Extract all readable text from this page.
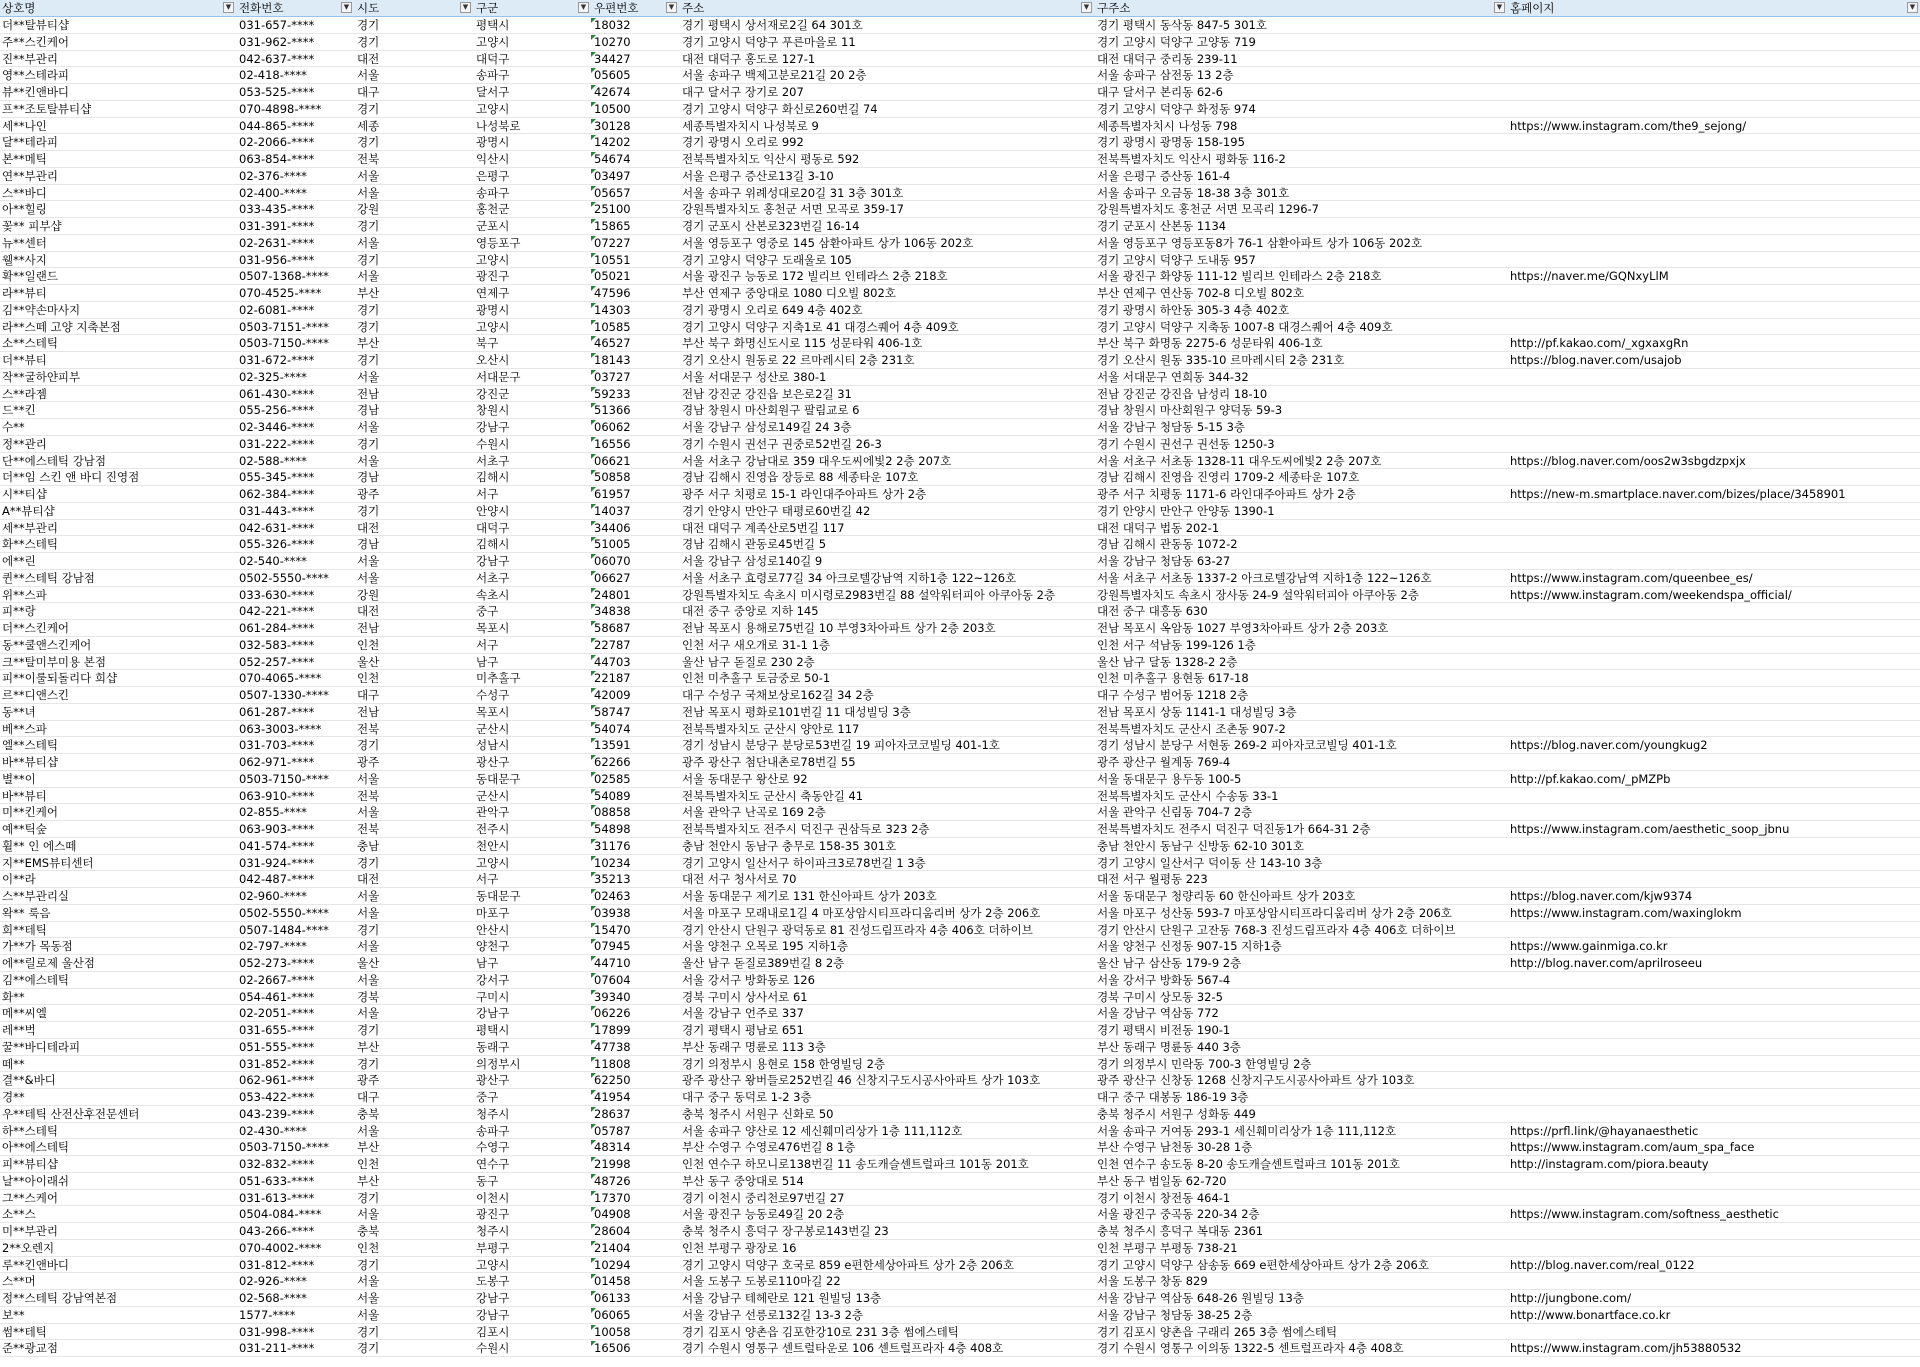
상호명	▼ 전화번호	▼ 시도	▼ 구군	▼ 우편번호	▼ 주소	▼ 구주소	▼ 홈페이지	▼
더**탈뷰티샵	031-657-****	경기	평택시	18032	경기 평택시 상서재로2길 64 301호	경기 평택시 동삭동 847-5 301호
주**스킨케어	031-962-****	경기	고양시	10270	경기 고양시 덕양구 푸른마을로 11	경기 고양시 덕양구 고양동 719
진**부관리	042-637-****	대전	대덕구	34427	대전 대덕구 홍도로 127-1	대전 대덕구 중리동 239-11
영**스테라피	02-418-****	서울	송파구	05605	서울 송파구 백제고분로21길 20 2층	서울 송파구 삼전동 13 2층
뷰**킨앤바디	053-525-****	대구	달서구	42674	대구 달서구 장기로 207	대구 달서구 본리동 62-6
프**조토탈뷰티샵	070-4898-****	경기	고양시	10500	경기 고양시 덕양구 화신로260번길 74	경기 고양시 덕양구 화정동 974
세**나인	044-865-****	세종	나성북로	30128	세종특별자치시 나성북로 9	세종특별자치시 나성동 798	https://www.instagram.com/the9_sejong/
달**테라피	02-2066-****	경기	광명시	14202	경기 광명시 오리로 992	경기 광명시 광명동 158-195
본**메틱	063-854-****	전북	익산시	54674	전북특별자치도 익산시 평동로 592	전북특별자치도 익산시 평화동 116-2
연**부관리	02-376-****	서울	은평구	03497	서울 은평구 증산로13길 3-10	서울 은평구 증산동 161-4
스**바디	02-400-****	서울	송파구	05657	서울 송파구 위례성대로20길 31 3층 301호	서울 송파구 오금동 18-38 3층 301호
아**힐링	033-435-****	강원	홍천군	25100	강원특별자치도 홍천군 서면 모곡로 359-17	강원특별자치도 홍천군 서면 모곡리 1296-7
꽃** 피부샵	031-391-****	경기	군포시	15865	경기 군포시 산본로323번길 16-14	경기 군포시 산본동 1134
뉴**센터	02-2631-****	서울	영등포구	07227	서울 영등포구 영중로 145 삼환아파트 상가 106동 202호	서울 영등포구 영등포동8가 76-1 삼환아파트 상가 106동 202호
웰**사지	031-956-****	경기	고양시	10551	경기 고양시 덕양구 도래울로 105	경기 고양시 덕양구 도내동 957
확**일랜드	0507-1368-****	서울	광진구	05021	서울 광진구 능동로 172 빌리브 인테라스 2층 218호	서울 광진구 화양동 111-12 빌리브 인테라스 2층 218호	https://naver.me/GQNxyLlM
라**뷰티	070-4525-****	부산	연제구	47596	부산 연제구 중앙대로 1080 디오빌 802호	부산 연제구 연산동 702-8 디오빌 802호
김**약손마사지	02-6081-****	경기	광명시	14303	경기 광명시 오리로 649 4층 402호	경기 광명시 하안동 305-3 4층 402호
라**스떼 고양 지축본점	0503-7151-****	경기	고양시	10585	경기 고양시 덕양구 지축1로 41 대경스퀘어 4층 409호	경기 고양시 덕양구 지축동 1007-8 대경스퀘어 4층 409호
소**스테틱	0503-7150-****	부산	북구	46527	부산 북구 화명신도시로 115 성문타워 406-1호	부산 북구 화명동 2275-6 성문타워 406-1호	http://pf.kakao.com/_xgxaxgRn
더**뷰티	031-672-****	경기	오산시	18143	경기 오산시 원동로 22 르마레시티 2층 231호	경기 오산시 원동 335-10 르마레시티 2층 231호	https://blog.naver.com/usajob
작**굴하얀피부	02-325-****	서울	서대문구	03727	서울 서대문구 성산로 380-1	서울 서대문구 연희동 344-32
스**라젬	061-430-****	전남	강진군	59233	전남 강진군 강진읍 보은로2길 31	전남 강진군 강진읍 남성리 18-10
드**킨	055-256-****	경남	창원시	51366	경남 창원시 마산회원구 팔림교로 6	경남 창원시 마산회원구 양덕동 59-3
수**	02-3446-****	서울	강남구	06062	서울 강남구 삼성로149길 24 3층	서울 강남구 청담동 5-15 3층
정**관리	031-222-****	경기	수원시	16556	경기 수원시 권선구 권중로52번길 26-3	경기 수원시 권선구 권선동 1250-3
단**에스테틱 강남점	02-588-****	서울	서초구	06621	서울 서초구 강남대로 359 대우도씨에빛2 2층 207호	서울 서초구 서초동 1328-11 대우도씨에빛2 2층 207호	https://blog.naver.com/oos2w3sbgdzpxjx
더**임 스킨 앤 바디 진영점	055-345-****	경남	김해시	50858	경남 김해시 진영읍 장등로 88 세종타운 107호	경남 김해시 진영읍 진영리 1709-2 세종타운 107호
시**티샵	062-384-****	광주	서구	61957	광주 서구 치평로 15-1 라인대주아파트 상가 2층	광주 서구 치평동 1171-6 라인대주아파트 상가 2층	https://new-m.smartplace.naver.com/bizes/place/3458901
A**뷰티샵	031-443-****	경기	안양시	14037	경기 안양시 만안구 태평로60번길 42	경기 안양시 만안구 안양동 1390-1
세**부관리	042-631-****	대전	대덕구	34406	대전 대덕구 계족산로5번길 117	대전 대덕구 법동 202-1
화**스테틱	055-326-****	경남	김해시	51005	경남 김해시 관동로45번길 5	경남 김해시 관동동 1072-2
에**린	02-540-****	서울	강남구	06070	서울 강남구 삼성로140길 9	서울 강남구 청담동 63-27
퀸**스테틱 강남점	0502-5550-****	서울	서초구	06627	서울 서초구 효령로77길 34 아크로텔강남역 지하1층 122~126호	서울 서초구 서초동 1337-2 아크로텔강남역 지하1층 122~126호	https://www.instagram.com/queenbee_es/
위**스파	033-630-****	강원	속초시	24801	강원특별자치도 속초시 미시령로2983번길 88 설악워터피아 아쿠아동 2층	강원특별자치도 속초시 장사동 24-9 설악워터피아 아쿠아동 2층	https://www.instagram.com/weekendspa_official/
피**랑	042-221-****	대전	중구	34838	대전 중구 중앙로 지하 145	대전 중구 대흥동 630
더**스킨케어	061-284-****	전남	목포시	58687	전남 목포시 용해로75번길 10 부영3차아파트 상가 2층 203호	전남 목포시 옥암동 1027 부영3차아파트 상가 2층 203호
동**쿨앤스킨케어	032-583-****	인천	서구	22787	인천 서구 새오개로 31-1 1층	인천 서구 석남동 199-126 1층
크**탈미부미용 본점	052-257-****	울산	남구	44703	울산 남구 돋질로 230 2층	울산 남구 달동 1328-2 2층
피**이룰되돌리다 희샵	070-4065-****	인천	미추홀구	22187	인천 미추홀구 토금중로 50-1	인천 미추홀구 용현동 617-18
르**디앤스킨	0507-1330-****	대구	수성구	42009	대구 수성구 국채보상로162길 34 2층	대구 수성구 범어동 1218 2층
동**녀	061-287-****	전남	목포시	58747	전남 목포시 평화로101번길 11 대성빌딩 3층	전남 목포시 상동 1141-1 대성빌딩 3층
베**스파	063-3003-****	전북	군산시	54074	전북특별자치도 군산시 양안로 117	전북특별자치도 군산시 조촌동 907-2
엘**스테틱	031-703-****	경기	성남시	13591	경기 성남시 분당구 분당로53번길 19 피아자코코빌딩 401-1호	경기 성남시 분당구 서현동 269-2 피아자코코빌딩 401-1호	https://blog.naver.com/youngkug2
바**뷰티샵	062-971-****	광주	광산구	62266	광주 광산구 첨단내촌로78번길 55	광주 광산구 월계동 769-4
별**이	0503-7150-****	서울	동대문구	02585	서울 동대문구 왕산로 92	서울 동대문구 용두동 100-5	http://pf.kakao.com/_pMZPb
바**뷰티	063-910-****	전북	군산시	54089	전북특별자치도 군산시 축동안길 41	전북특별자치도 군산시 수송동 33-1
미**킨케어	02-855-****	서울	관악구	08858	서울 관악구 난곡로 169 2층	서울 관악구 신림동 704-7 2층
예**틱숲	063-903-****	전북	전주시	54898	전북특별자치도 전주시 덕진구 권삼득로 323 2층	전북특별자치도 전주시 덕진구 덕진동1가 664-31 2층	https://www.instagram.com/aesthetic_soop_jbnu
휠** 인 에스떼	041-574-****	충남	천안시	31176	충남 천안시 동남구 충무로 158-35 301호	충남 천안시 동남구 신방동 62-10 301호
지**EMS뷰티센터	031-924-****	경기	고양시	10234	경기 고양시 일산서구 하이파크3로78번길 1 3층	경기 고양시 일산서구 덕이동 산 143-10 3층
이**라	042-487-****	대전	서구	35213	대전 서구 청사서로 70	대전 서구 월평동 223
스**부관리실	02-960-****	서울	동대문구	02463	서울 동대문구 제기로 131 한신아파트 상가 203호	서울 동대문구 청량리동 60 한신아파트 상가 203호	https://blog.naver.com/kjw9374
왁** 룩음	0502-5550-****	서울	마포구	03938	서울 마포구 모래내로1길 4 마포상암시티프라디움리버 상가 2층 206호	서울 마포구 성산동 593-7 마포상암시티프라디움리버 상가 2층 206호	https://www.instagram.com/waxinglokm
희**테틱	0507-1484-****	경기	안산시	15470	경기 안산시 단원구 광덕동로 81 진성드림프라자 4층 406호 더하이브	경기 안산시 단원구 고잔동 768-3 진성드림프라자 4층 406호 더하이브
가**가 목동점	02-797-****	서울	양천구	07945	서울 양천구 오목로 195 지하1층	서울 양천구 신정동 907-15 지하1층	https://www.gainmiga.co.kr
에**릴로제 울산점	052-273-****	울산	남구	44710	울산 남구 돋질로389번길 8 2층	울산 남구 삼산동 179-9 2층	http://blog.naver.com/aprilroseeu
김**에스테틱	02-2667-****	서울	강서구	07604	서울 강서구 방화동로 126	서울 강서구 방화동 567-4
화**	054-461-****	경북	구미시	39340	경북 구미시 상사서로 61	경북 구미시 상모동 32-5
메**씨엘	02-2051-****	서울	강남구	06226	서울 강남구 언주로 337	서울 강남구 역삼동 772
레**벅	031-655-****	경기	평택시	17899	경기 평택시 평남로 651	경기 평택시 비전동 190-1
꿀**바디테라피	051-555-****	부산	동래구	47738	부산 동래구 명륜로 113 3층	부산 동래구 명륜동 440 3층
떼**	031-852-****	경기	의정부시	11808	경기 의정부시 용현로 158 한영빌딩 2층	경기 의정부시 민락동 700-3 한영빌딩 2층
결**&바디	062-961-****	광주	광산구	62250	광주 광산구 왕버들로252번길 46 신창지구도시공사아파트 상가 103호	광주 광산구 신창동 1268 신창지구도시공사아파트 상가 103호
경**	053-422-****	대구	중구	41954	대구 중구 동덕로 1-2 3층	대구 중구 대봉동 186-19 3층
우**테틱 산전산후전문센터	043-239-****	충북	청주시	28637	충북 청주시 서원구 신화로 50	충북 청주시 서원구 성화동 449
하**스테틱	02-430-****	서울	송파구	05787	서울 송파구 양산로 12 세신훼미리상가 1층 111,112호	서울 송파구 거여동 293-1 세신훼미리상가 1층 111,112호	https://prfl.link/@hayanaesthetic
아**에스테틱	0503-7150-****	부산	수영구	48314	부산 수영구 수영로476번길 8 1층	부산 수영구 남천동 30-28 1층	https://www.instagram.com/aum_spa_face
피**뷰티샵	032-832-****	인천	연수구	21998	인천 연수구 하모니로138번길 11 송도캐슬센트럴파크 101동 201호	인천 연수구 송도동 8-20 송도캐슬센트럴파크 101동 201호	http://instagram.com/piora.beauty
날**아이래쉬	051-633-****	부산	동구	48726	부산 동구 중앙대로 514	부산 동구 범일동 62-720
그**스케어	031-613-****	경기	이천시	17370	경기 이천시 중리천로97번길 27	경기 이천시 창전동 464-1
소**스	0504-084-****	서울	광진구	04908	서울 광진구 능동로49길 20 2층	서울 광진구 중곡동 220-34 2층	https://www.instagram.com/softness_aesthetic
미**부관리	043-266-****	충북	청주시	28604	충북 청주시 흥덕구 장구봉로143번길 23	충북 청주시 흥덕구 복대동 2361
2**오렌지	070-4002-****	인천	부평구	21404	인천 부평구 광장로 16	인천 부평구 부평동 738-21
루**킨앤바디	031-812-****	경기	고양시	10294	경기 고양시 덕양구 호국로 859 e편한세상아파트 상가 2층 206호	경기 고양시 덕양구 삼송동 669 e편한세상아파트 상가 2층 206호	http://blog.naver.com/real_0122
스**머	02-926-****	서울	도봉구	01458	서울 도봉구 도봉로110마길 22	서울 도봉구 창동 829
정**스테틱 강남역본점	02-568-****	서울	강남구	06133	서울 강남구 테헤란로 121 원빌딩 13층	서울 강남구 역삼동 648-26 원빌딩 13층	http://jungbone.com/
보**	1577-****	서울	강남구	06065	서울 강남구 선릉로132길 13-3 2층	서울 강남구 청담동 38-25 2층	http://www.bonartface.co.kr
썸**테틱	031-998-****	경기	김포시	10058	경기 김포시 양촌읍 김포한강10로 231 3층 썸에스테틱	경기 김포시 양촌읍 구래리 265 3층 썸에스테틱
준**광교점	031-211-****	경기	수원시	16506	경기 수원시 영통구 센트럴타운로 106 센트럴프라자 4층 408호	경기 수원시 영통구 이의동 1322-5 센트럴프라자 4층 408호	https://www.instagram.com/jh53880532
